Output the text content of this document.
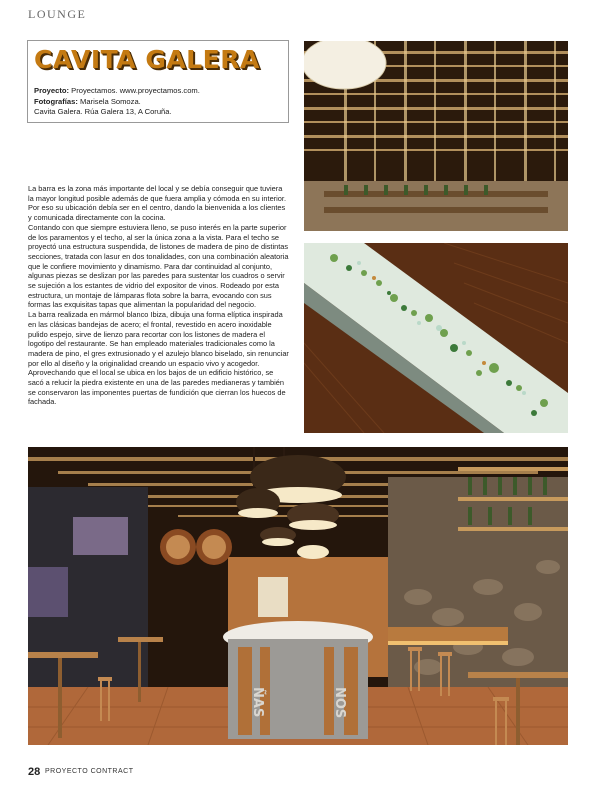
LOUNGE
CAVITA GALERA
Proyecto: Proyectamos. www.proyectamos.com.
Fotografías: Marisela Somoza.
Cavita Galera. Rúa Galera 13, A Coruña.

La barra es la zona más importante del local y se debía conseguir que tuviera la mayor longitud posible además de que fuera amplia y cómoda en su interior. Por eso su ubicación debía ser en el centro, dando la bienvenida a los clientes y comunicada directamente con la cocina.

Contando con que siempre estuviera lleno, se puso interés en la parte superior de los paramentos y el techo, al ser la única zona a la vista. Para el techo se proyectó una estructura suspendida, de listones de madera de pino de distintas secciones, tratada con lasur en dos tonalidades, con una combinación aleatoria que le confiere movimiento y dinamismo. Para dar continuidad al conjunto, algunas piezas se deslizan por las paredes para sustentar los cuadros o servir se sujeción a los estantes de vidrio del expositor de vinos. Rodeado por esta estructura, un montaje de lámparas flota sobre la barra, evocando con sus formas las exquisitas tapas que alimentan la popularidad del negocio.

La barra realizada en mármol blanco Ibiza, dibuja una forma elíptica inspirada en las clásicas bandejas de acero; el frontal, revestido en acero inoxidable pulido espejo, sirve de lienzo para recortar con los listones de madera el logotipo del restaurante. Se han empleado materiales tradicionales como la madera de pino, el gres extrusionado y el azulejo blanco biselado, sin renunciar por ello al diseño y la originalidad creando un espacio vivo y acogedor. Aprovechando que el local se ubica en los bajos de un edificio histórico, se sacó a relucir la piedra existente en una de las paredes medianeras y también se conservaron las imponentes puertas de fundición que cierran los huecos de fachada.

ÑAS	NOS
28 PROYECTO CONTRACT
